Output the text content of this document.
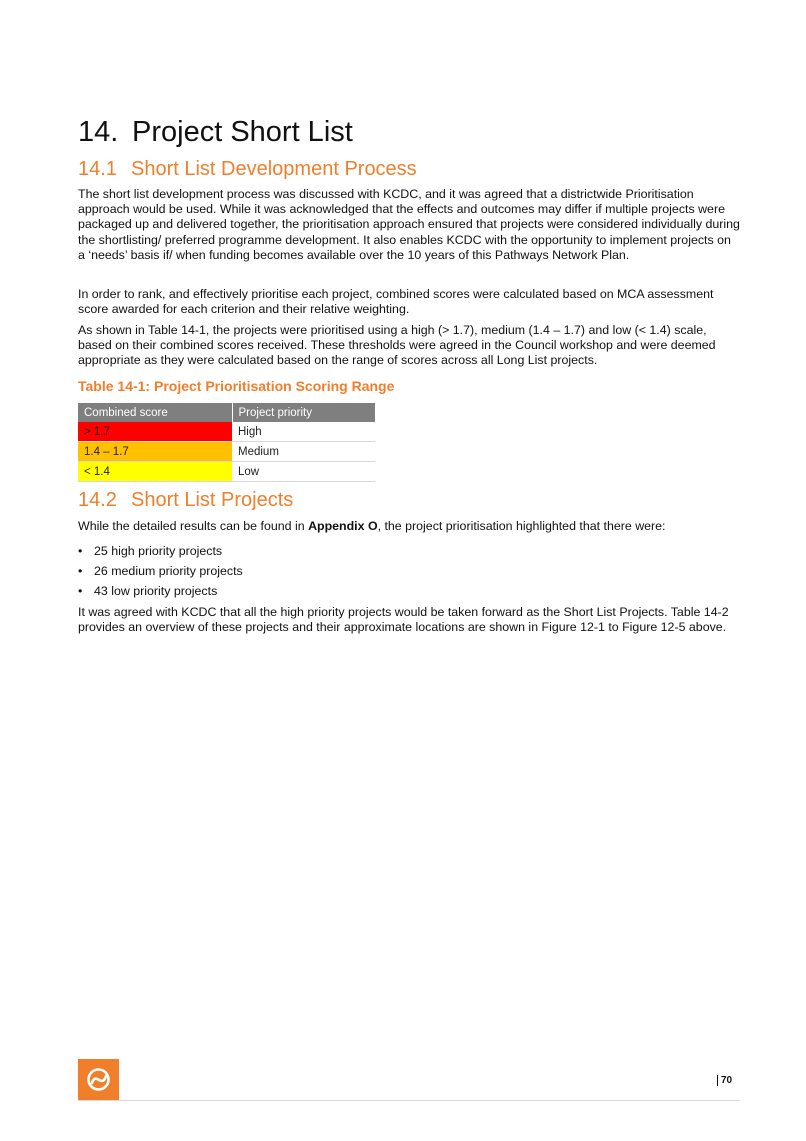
14. Project Short List
14.1 Short List Development Process

The short list development process was discussed with KCDC, and it was agreed that a districtwide Prioritisation approach would be used. While it was acknowledged that the effects and outcomes may differ if multiple projects were packaged up and delivered together, the prioritisation approach ensured that projects were considered individually during the shortlisting/ preferred programme development. It also enables KCDC with the opportunity to implement projects on a ‘needs’ basis if/ when funding becomes available over the 10 years of this Pathways Network Plan.

In order to rank, and effectively prioritise each project, combined scores were calculated based on MCA assessment score awarded for each criterion and their relative weighting.

As shown in Table 14-1, the projects were prioritised using a high (> 1.7), medium (1.4 – 1.7) and low (< 1.4) scale, based on their combined scores received. These thresholds were agreed in the Council workshop and were deemed appropriate as they were calculated based on the range of scores across all Long List projects.

Table 14-1: Project Prioritisation Scoring Range

Combined score	Project priority
> 1.7	High
1.4 – 1.7	Medium
< 1.4	Low
14.2 Short List Projects

While the detailed results can be found in Appendix O, the project prioritisation highlighted that there were:

• 25 high priority projects
• 26 medium priority projects
• 43 low priority projects

It was agreed with KCDC that all the high priority projects would be taken forward as the Short List Projects. Table 14-2 provides an overview of these projects and their approximate locations are shown in Figure 12-1 to Figure 12-5 above.

70
